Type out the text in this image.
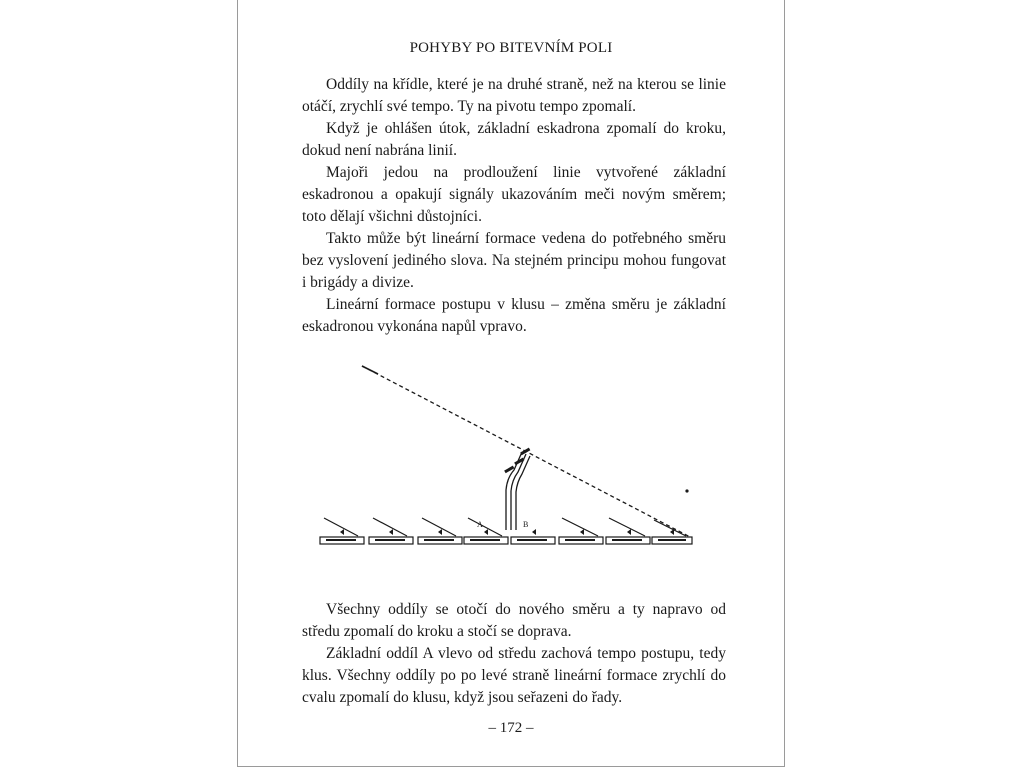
POHYBY PO BITEVNÍM POLI

Oddíly na křídle, které je na druhé straně, než na kterou se linie otáčí, zrychlí své tempo. Ty na pivotu tempo zpomalí.

Když je ohlášen útok, základní eskadrona zpomalí do kroku, dokud není nabrána linií.

Majoři jedou na prodloužení linie vytvořené základní eskadronou a opakují signály ukazováním meči novým směrem; toto dělají všichni důstojníci.

Takto může být lineární formace vedena do potřebného směru bez vyslovení jediného slova. Na stejném principu mohou fungovat i brigády a divize.

Lineární formace postupu v klusu – změna směru je základní eskadronou vykonána napůl vpravo.

A	B

Všechny oddíly se otočí do nového směru a ty napravo od středu zpomalí do kroku a stočí se doprava.

Základní oddíl A vlevo od středu zachová tempo postupu, tedy klus. Všechny oddíly po po levé straně lineární formace zrychlí do cvalu zpomalí do klusu, když jsou seřazeni do řady.

– 172 –
